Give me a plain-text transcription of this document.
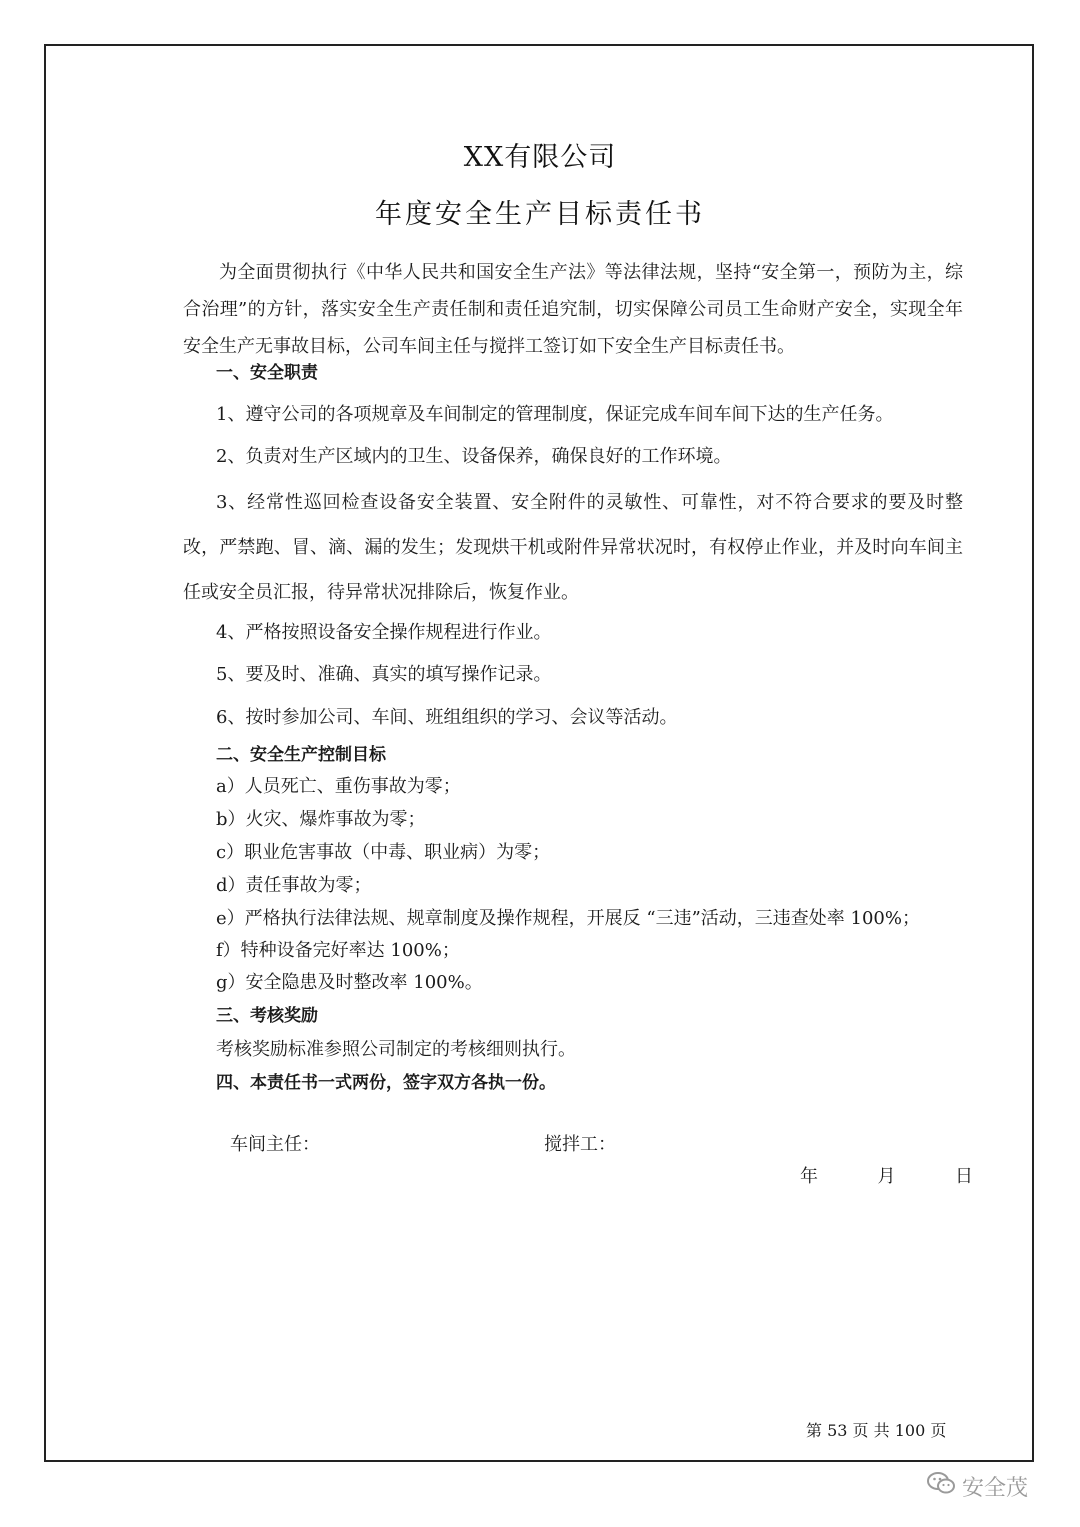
XX有限公司
年度安全生产目标责任书

为全面贯彻执行《中华人民共和国安全生产法》等法律法规，坚持“安全第一，预防为主，综合治理”的方针，落实安全生产责任制和责任追究制，切实保障公司员工生命财产安全，实现全年安全生产无事故目标，公司车间主任与搅拌工签订如下安全生产目标责任书。

一、安全职责
1、遵守公司的各项规章及车间制定的管理制度，保证完成车间车间下达的生产任务。
2、负责对生产区域内的卫生、设备保养，确保良好的工作环境。

3、经常性巡回检查设备安全装置、安全附件的灵敏性、可靠性，对不符合要求的要及时整改，严禁跑、冒、滴、漏的发生；发现烘干机或附件异常状况时，有权停止作业，并及时向车间主任或安全员汇报，待异常状况排除后，恢复作业。

4、严格按照设备安全操作规程进行作业。
5、要及时、准确、真实的填写操作记录。
6、按时参加公司、车间、班组组织的学习、会议等活动。
二、安全生产控制目标
a）人员死亡、重伤事故为零；
b）火灾、爆炸事故为零；
c）职业危害事故（中毒、职业病）为零；
d）责任事故为零；
e）严格执行法律法规、规章制度及操作规程，开展反 “三违”活动，三违查处率 100%；
f）特种设备完好率达 100%；
g）安全隐患及时整改率 100%。
三、考核奖励
考核奖励标准参照公司制定的考核细则执行。
四、本责任书一式两份，签字双方各执一份。
车间主任：	搅拌工：
年	月	日
第 53 页 共 100 页
安全茂
